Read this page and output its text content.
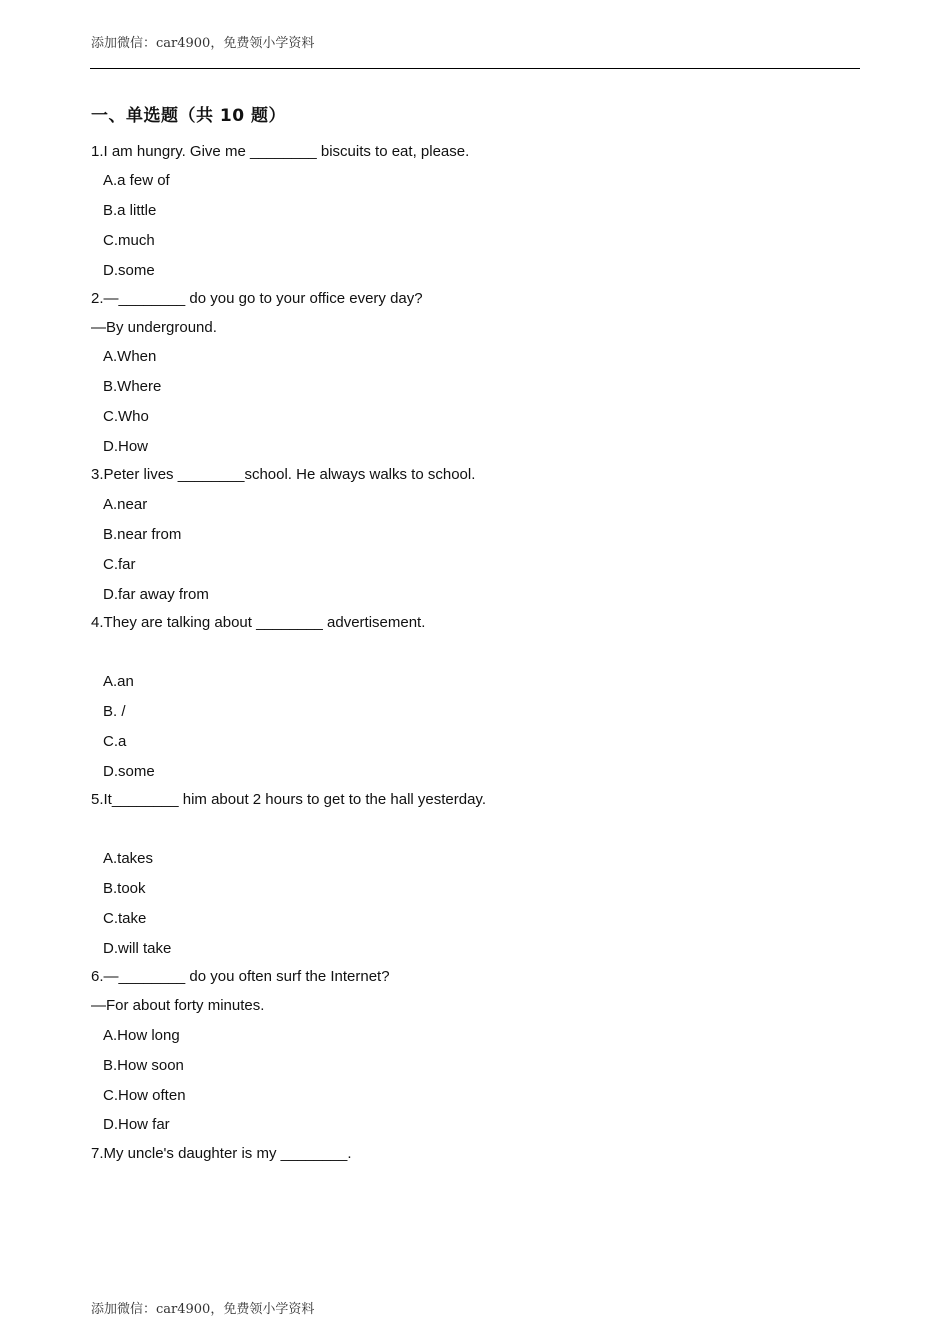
添加微信：car4900，免费领小学资料
一、单选题（共 10 题）
1.I am hungry. Give me ________ biscuits to eat, please.
A.a few of
B.a little
C.much
D.some
2.—________ do you go to your office every day?
—By underground.
A.When
B.Where
C.Who
D.How
3.Peter lives ________school. He always walks to school.
A.near
B.near from
C.far
D.far away from
4.They are talking about ________ advertisement.
A.an
B. /
C.a
D.some
5.It________ him about 2 hours to get to the hall yesterday.
A.takes
B.took
C.take
D.will take
6.—________ do you often surf the Internet?
—For about forty minutes.
A.How long
B.How soon
C.How often
D.How far
7.My uncle's daughter is my ________.
添加微信：car4900，免费领小学资料
